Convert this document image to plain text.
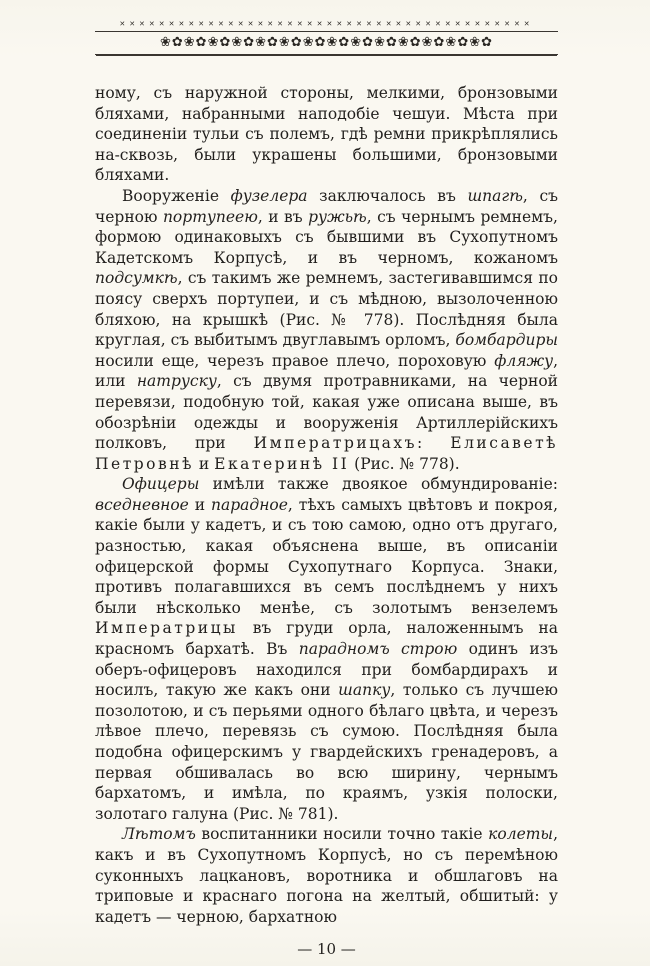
✕✕✕✕✕✕✕✕✕✕✕✕✕✕✕✕✕✕✕✕✕✕✕✕✕✕✕✕✕✕✕✕✕✕✕✕✕✕✕✕✕✕
❀✿❀✿❀✿❀✿❀✿❀✿❀✿❀✿❀✿❀✿❀✿❀✿❀✿❀✿

ному, съ наружной стороны, мелкими, бронзовыми бляхами, набранными наподобіе чешуи. Мѣста при соединеніи тульи съ полемъ, гдѣ ремни прикрѣплялись на-сквозь, были украшены большими, бронзовыми бляхами.

Вооруженіе фузелера заключалось въ шпагѣ, съ черною портупеею, и въ ружьѣ, съ чернымъ ремнемъ, формою одинаковыхъ съ бывшими въ Сухопутномъ Кадетскомъ Корпусѣ, и въ черномъ, кожаномъ подсумкѣ, съ такимъ же ремнемъ, застегивавшимся по поясу сверхъ портупеи, и съ мѣдною, вызолоченною бляхою, на крышкѣ (Рис. № 778). Послѣдняя была круглая, съ выбитымъ двуглавымъ орломъ, бомбардиры носили еще, черезъ правое плечо, пороховую фляжу, или натруску, съ двумя протравниками, на черной перевязи, подобную той, какая уже описана выше, въ обозрѣніи одежды и вооруженія Артиллерійскихъ полковъ, при Императрицахъ: Елисаветѣ Петровнѣ и Екатеринѣ II (Рис. № 778).

Офицеры имѣли также двоякое обмундированіе: вседневное и парадное, тѣхъ самыхъ цвѣтовъ и покроя, какіе были у кадетъ, и съ тою самою, одно отъ другаго, разностью, какая объяснена выше, въ описаніи офицерской формы Сухопутнаго Корпуса. Знаки, противъ полагавшихся въ семъ послѣднемъ у нихъ были нѣсколько менѣе, съ золотымъ вензелемъ Императрицы въ груди орла, наложеннымъ на красномъ бархатѣ. Въ парадномъ строю одинъ изъ оберъ-офицеровъ находился при бомбардирахъ и носилъ, такую же какъ они шапку, только съ лучшею позолотою, и съ перьями одного бѣлаго цвѣта, и черезъ лѣвое плечо, перевязь съ сумою. Послѣдняя была подобна офицерскимъ у гвардейскихъ гренадеровъ, а первая обшивалась во всю ширину, чернымъ бархатомъ, и имѣла, по краямъ, узкія полоски, золотаго галуна (Рис. № 781).

Лѣтомъ воспитанники носили точно такіе колеты, какъ и въ Сухопутномъ Корпусѣ, но съ перемѣною суконныхъ лацкановъ, воротника и обшлаговъ на триповые и краснаго погона на желтый, обшитый: у кадетъ — черною, бархатною

— 10 —
